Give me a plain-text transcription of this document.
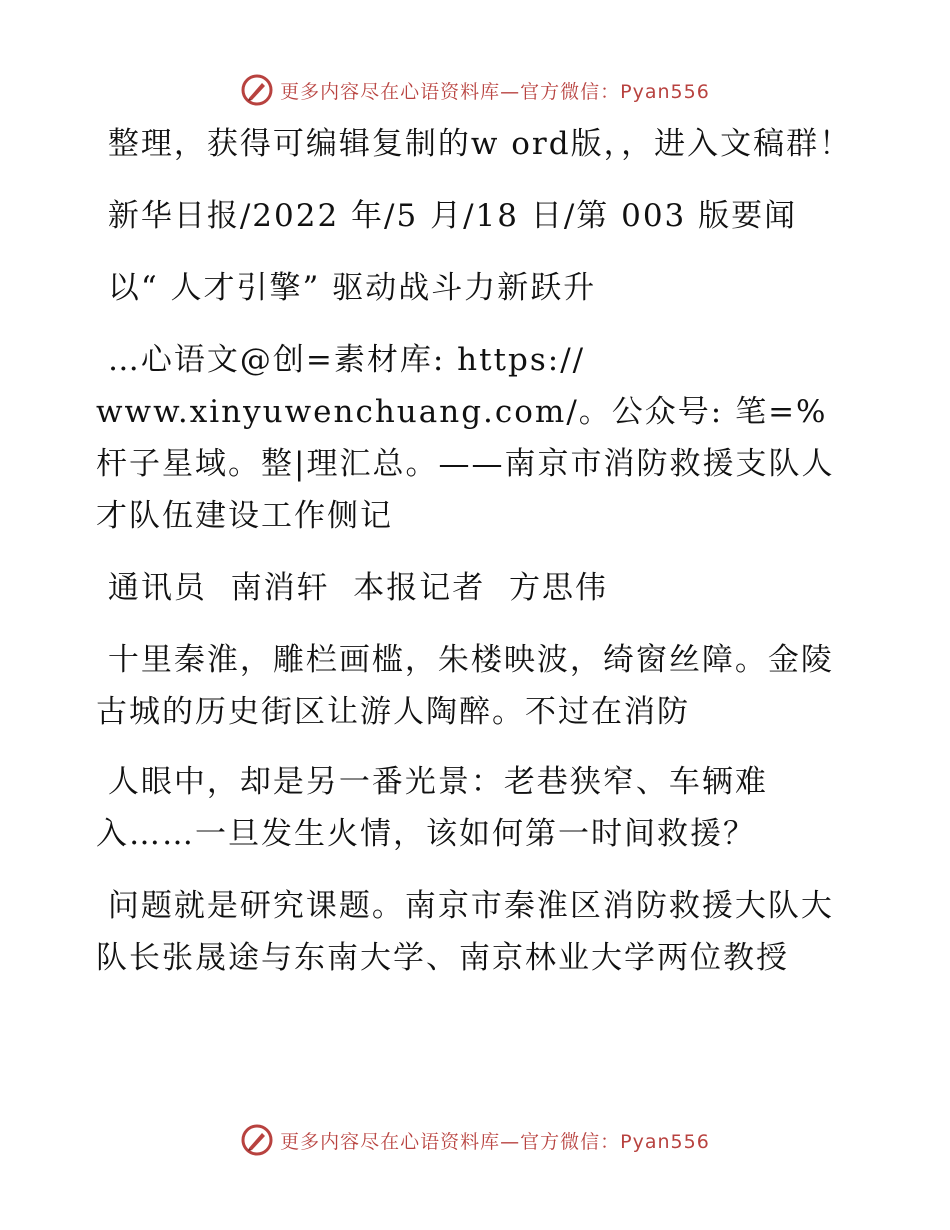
更多内容尽在心语资料库—官方微信：Pyan556

整理，获得可编辑复制的w ord版，，进入文稿群！

新华日报/2022 年/5 月/18 日/第 003 版要闻

以“ 人才引擎” 驱动战斗力新跃升

…心语文@创=素材库: https://
www.xinyuwenchuang.com/。公众号: 笔=%杆子星域。整|理汇总。——南京市消防救援支队人才队伍建设工作侧记

通讯员  南消轩  本报记者  方思伟

十里秦淮，雕栏画槛，朱楼映波，绮窗丝障。金陵古城的历史街区让游人陶醉。不过在消防

人眼中，却是另一番光景：老巷狭窄、车辆难
入……一旦发生火情，该如何第一时间救援？

问题就是研究课题。南京市秦淮区消防救援大队大队长张晟途与东南大学、南京林业大学两位教授

更多内容尽在心语资料库—官方微信：Pyan556
